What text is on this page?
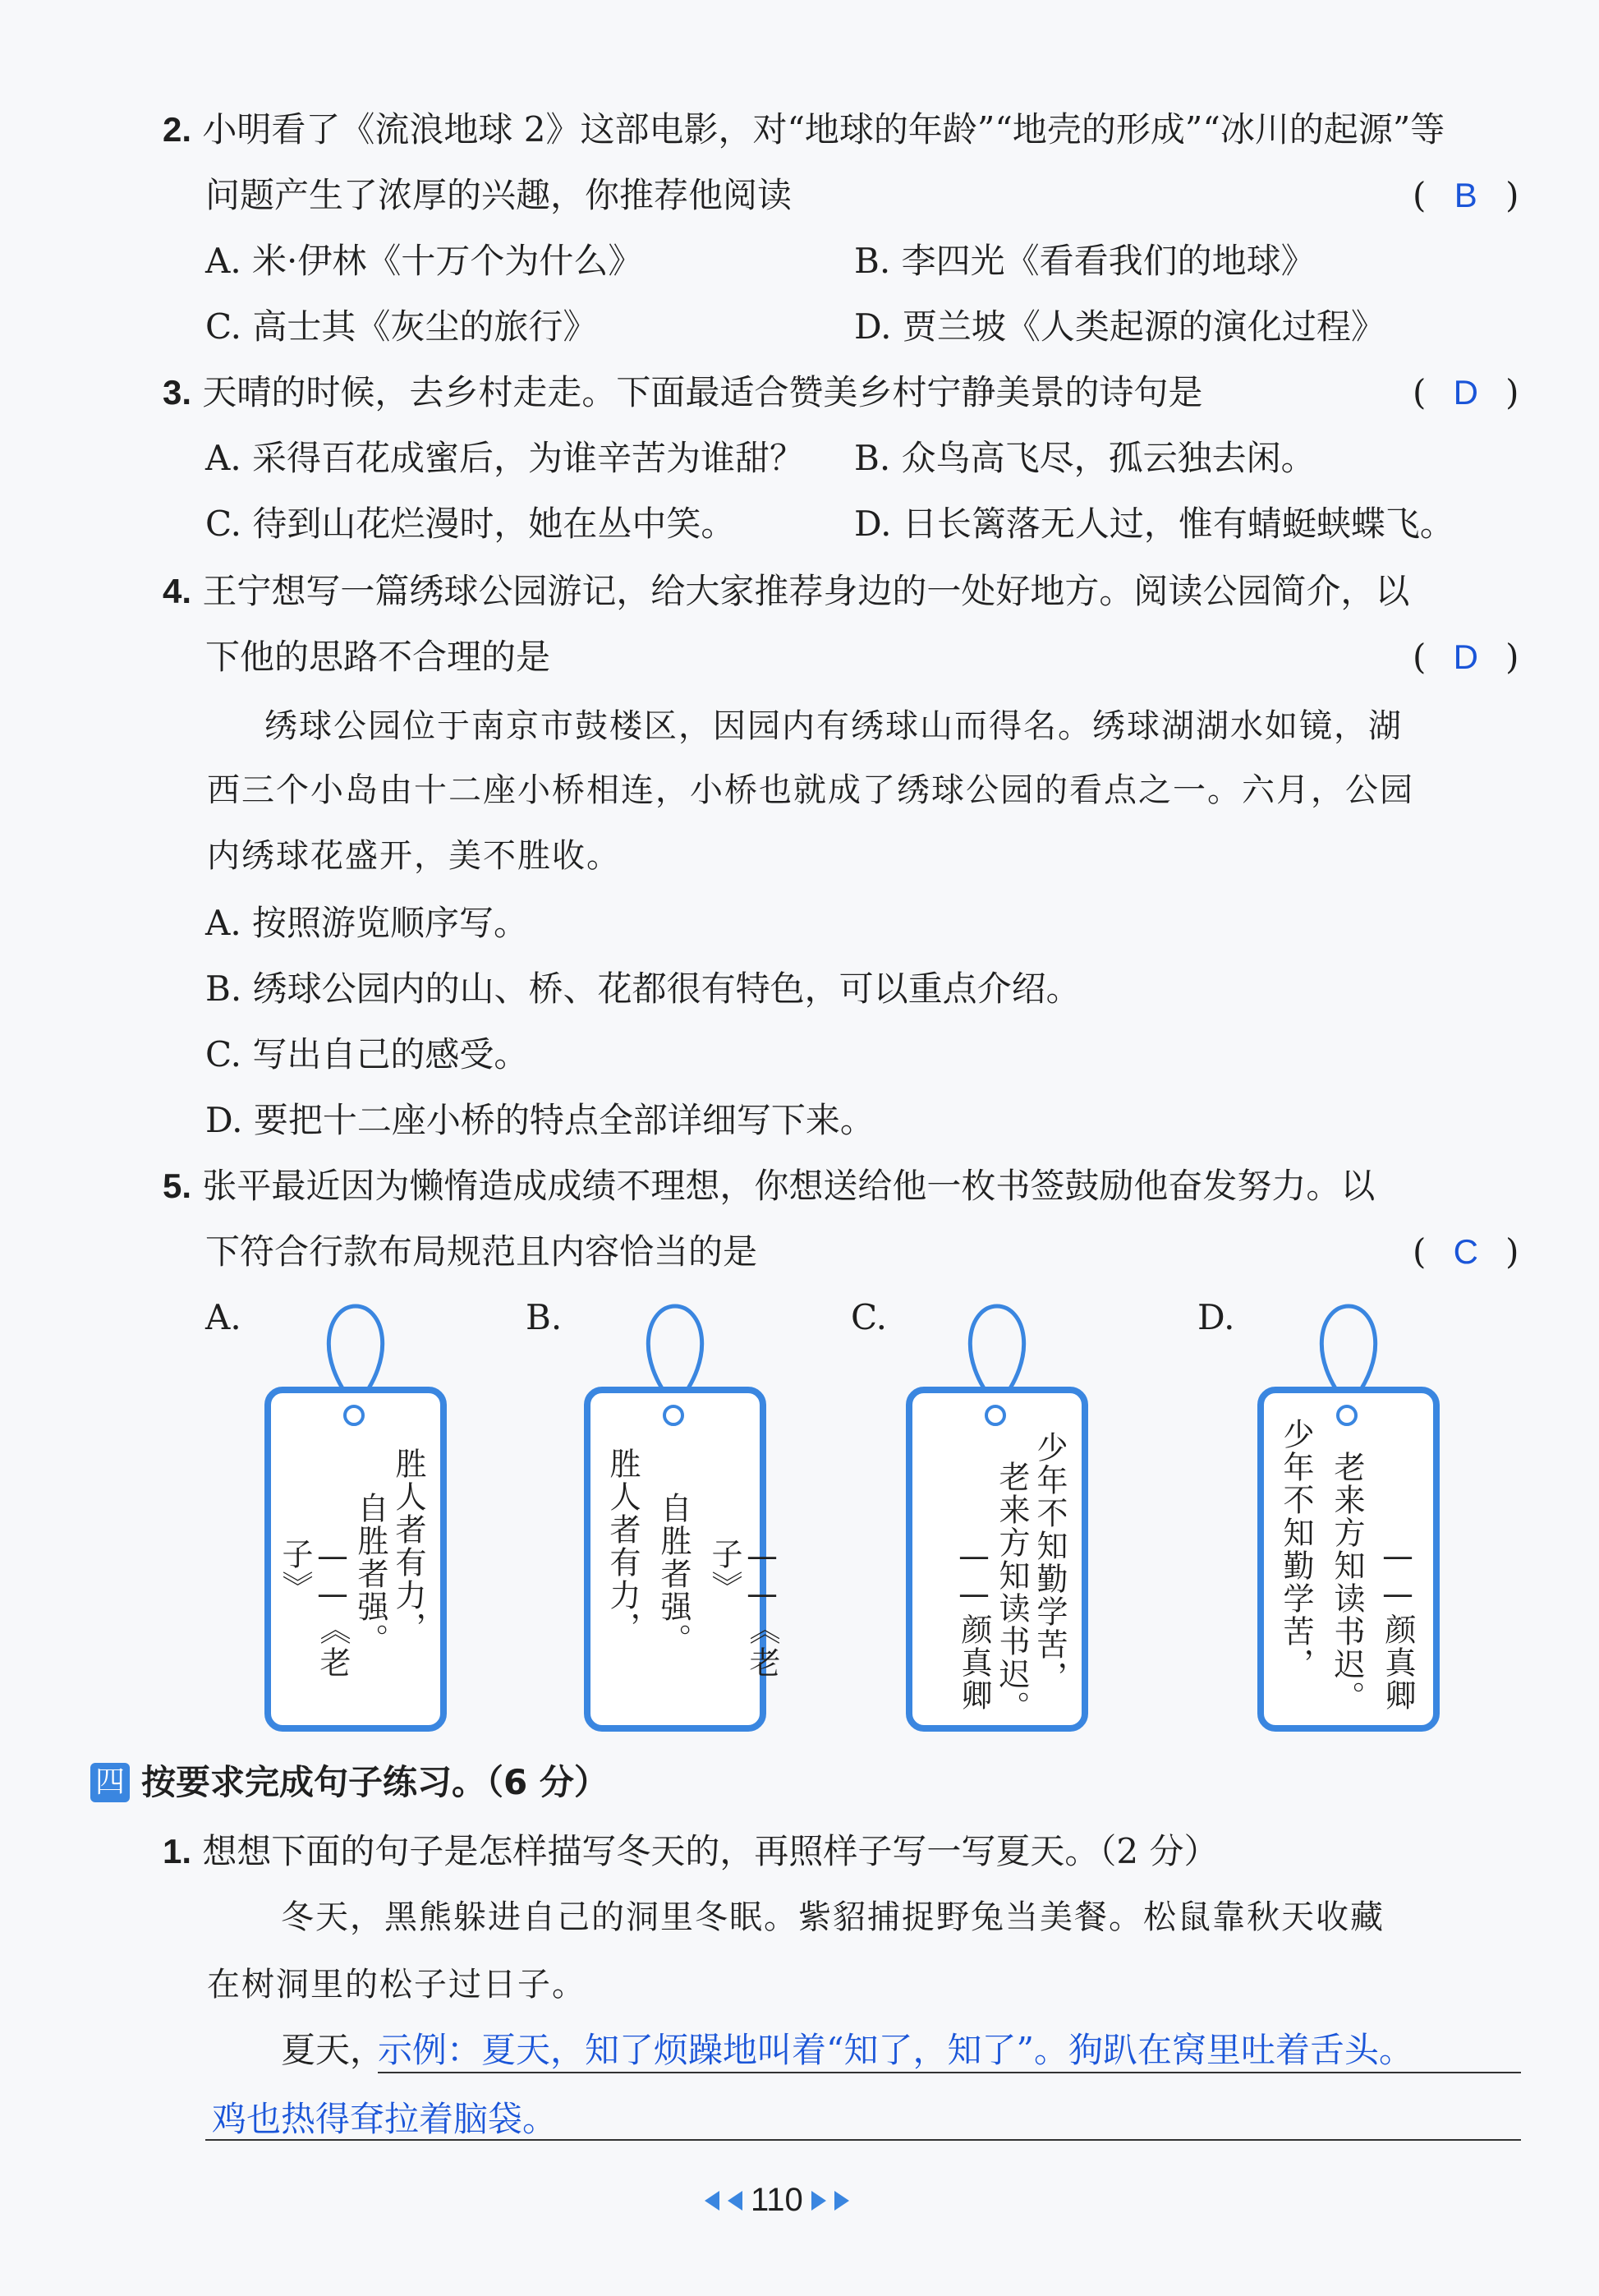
2. 小明看了《流浪地球 2》这部电影，对“地球的年龄”“地壳的形成”“冰川的起源”等
问题产生了浓厚的兴趣，你推荐他阅读	( B )
A. 米·伊林《十万个为什么》	B. 李四光《看看我们的地球》
C. 高士其《灰尘的旅行》	D. 贾兰坡《人类起源的演化过程》
3. 天晴的时候，去乡村走走。下面最适合赞美乡村宁静美景的诗句是	( D )
A. 采得百花成蜜后，为谁辛苦为谁甜？ B. 众鸟高飞尽，孤云独去闲。
C. 待到山花烂漫时，她在丛中笑。	D. 日长篱落无人过，惟有蜻蜓蛱蝶飞。
4. 王宁想写一篇绣球公园游记，给大家推荐身边的一处好地方。阅读公园简介，以
下他的思路不合理的是	( D )
绣球公园位于南京市鼓楼区，因园内有绣球山而得名。绣球湖湖水如镜，湖
西三个小岛由十二座小桥相连，小桥也就成了绣球公园的看点之一。六月，公园
内绣球花盛开，美不胜收。
A. 按照游览顺序写。
B. 绣球公园内的山、桥、花都很有特色，可以重点介绍。
C. 写出自己的感受。
D. 要把十二座小桥的特点全部详细写下来。
5. 张平最近因为懒惰造成成绩不理想，你想送给他一枚书签鼓励他奋发努力。以
下符合行款布局规范且内容恰当的是	( C )
A.	B.	C.	D.
胜人者有力，
自胜者强。
——《老子》	胜人者有力， 自胜者强。	——《老子》	少年不知勤学苦，
老来方知读书迟。
——颜真卿	少年不知勤学苦， 老来方知读书迟。 ——颜真卿
四 按要求完成句子练习。（6 分）
1. 想想下面的句子是怎样描写冬天的，再照样子写一写夏天。（2 分）
冬天，黑熊躲进自己的洞里冬眠。紫貂捕捉野兔当美餐。松鼠靠秋天收藏
在树洞里的松子过日子。
夏天，
示例：夏天，知了烦躁地叫着“知了，知了”。狗趴在窝里吐着舌头。
鸡也热得耷拉着脑袋。
110
